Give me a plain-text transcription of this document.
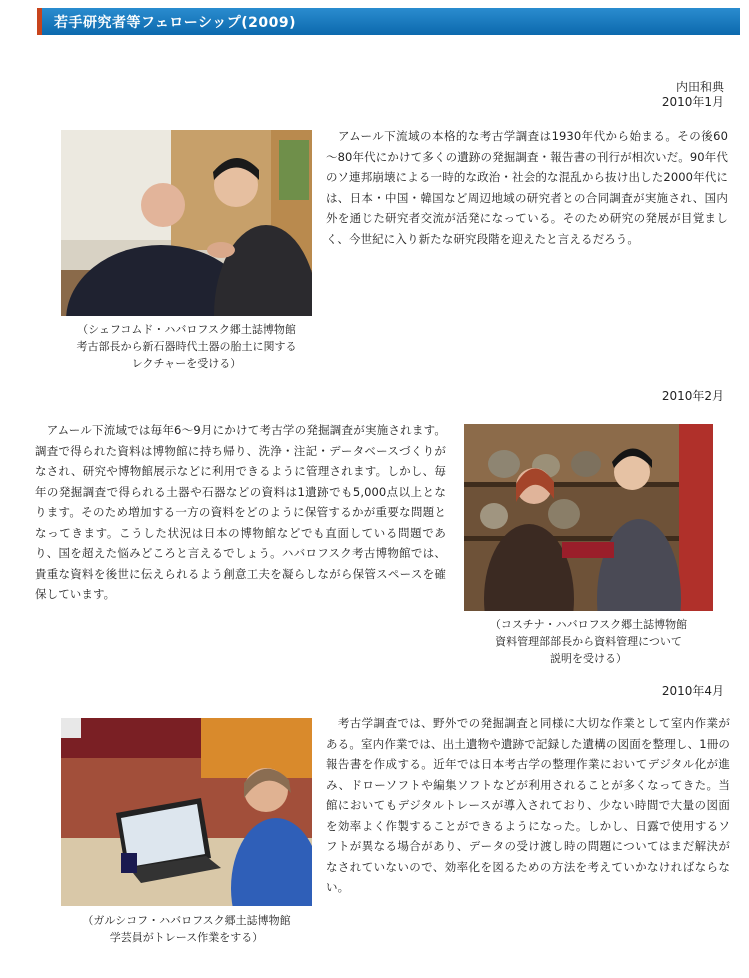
若手研究者等フェローシップ(2009)
内田和典
2010年1月
（シェフコムド・ハバロフスク郷土誌博物館
考古部長から新石器時代土器の胎土に関する
レクチャーを受ける）
　アムール下流域の本格的な考古学調査は1930年代から始まる。その後60～80年代にかけて多くの遺跡の発掘調査・報告書の刊行が相次いだ。90年代のソ連邦崩壊による一時的な政治・社会的な混乱から抜け出した2000年代には、日本・中国・韓国など周辺地域の研究者との合同調査が実施され、国内外を通じた研究者交流が活発になっている。そのため研究の発展が目覚ましく、今世紀に入り新たな研究段階を迎えたと言えるだろう。
2010年2月
　アムール下流域では毎年6～9月にかけて考古学の発掘調査が実施されます。調査で得られた資料は博物館に持ち帰り、洗浄・注記・データベースづくりがなされ、研究や博物館展示などに利用できるように管理されます。しかし、毎年の発掘調査で得られる土器や石器などの資料は1遺跡でも5,000点以上となります。そのため増加する一方の資料をどのように保管するかが重要な問題となってきます。こうした状況は日本の博物館などでも直面している問題であり、国を超えた悩みどころと言えるでしょう。ハバロフスク考古博物館では、貴重な資料を後世に伝えられるよう創意工夫を凝らしながら保管スペースを確保しています。
（コスチナ・ハバロフスク郷土誌博物館
資料管理部部長から資料管理について
説明を受ける）
2010年4月
（ガルシコフ・ハバロフスク郷土誌博物館
学芸員がトレース作業をする）
　考古学調査では、野外での発掘調査と同様に大切な作業として室内作業がある。室内作業では、出土遺物や遺跡で記録した遺構の図面を整理し、1冊の報告書を作成する。近年では日本考古学の整理作業においてデジタル化が進み、ドローソフトや編集ソフトなどが利用されることが多くなってきた。当館においてもデジタルトレースが導入されており、少ない時間で大量の図面を効率よく作製することができるようになった。しかし、日露で使用するソフトが異なる場合があり、データの受け渡し時の問題についてはまだ解決がなされていないので、効率化を図るための方法を考えていかなければならない。
